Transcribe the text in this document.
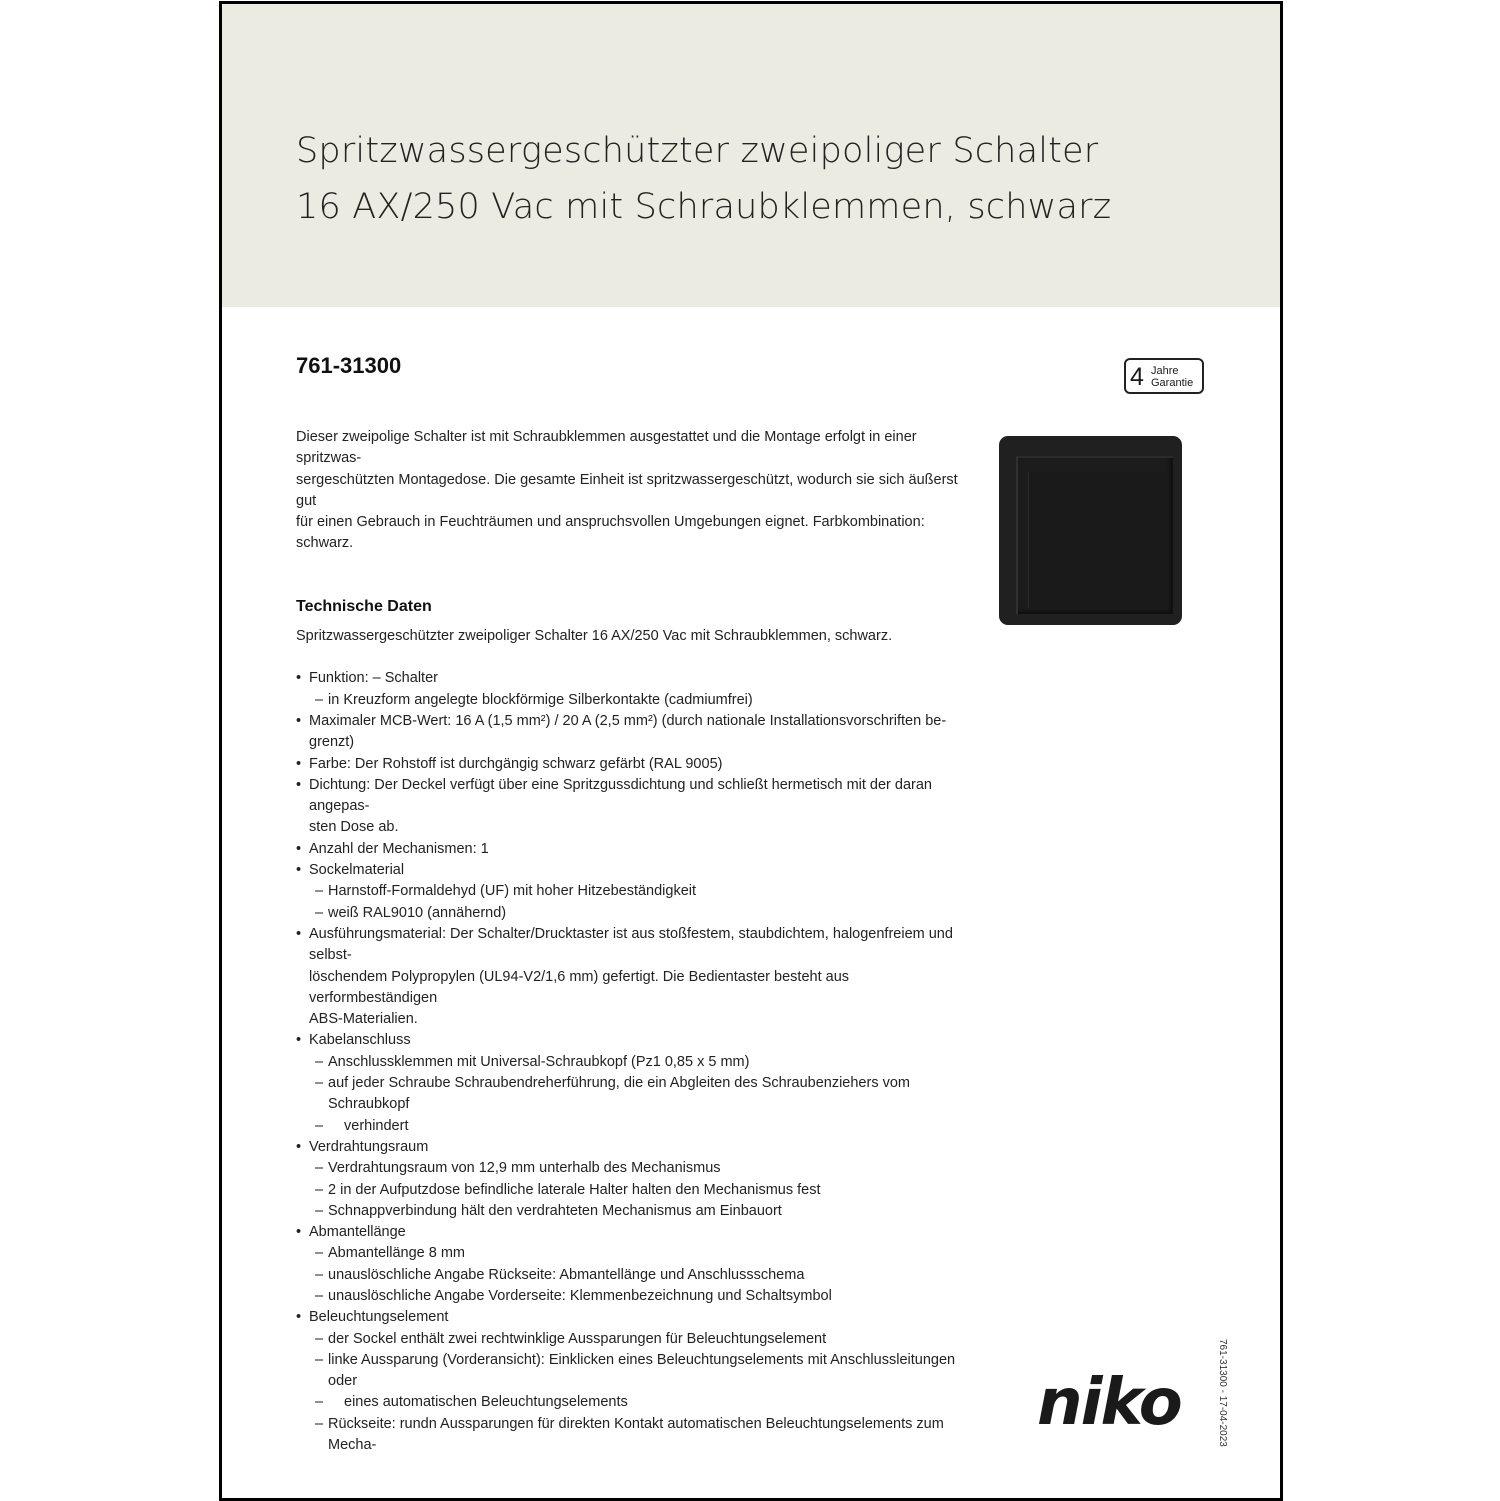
Spritzwassergeschützter zweipoliger Schalter
16 AX/250 Vac mit Schraubklemmen, schwarz
761-31300	4 Jahre
Garantie

Dieser zweipolige Schalter ist mit Schraubklemmen ausgestattet und die Montage erfolgt in einer spritzwas-
sergeschützten Montagedose. Die gesamte Einheit ist spritzwassergeschützt, wodurch sie sich äußerst gut
für einen Gebrauch in Feuchträumen und anspruchsvollen Umgebungen eignet. Farbkombination: schwarz.

Technische Daten

Spritzwassergeschützter zweipoliger Schalter 16 AX/250 Vac mit Schraubklemmen, schwarz.

• Funktion: – Schalter
– in Kreuzform angelegte blockförmige Silberkontakte (cadmiumfrei)
• Maximaler MCB-Wert: 16 A (1,5 mm²) / 20 A (2,5 mm²) (durch nationale Installationsvorschriften be-
grenzt)
• Farbe: Der Rohstoff ist durchgängig schwarz gefärbt (RAL 9005)
• Dichtung: Der Deckel verfügt über eine Spritzgussdichtung und schließt hermetisch mit der daran angepas-
sten Dose ab.
• Anzahl der Mechanismen: 1
• Sockelmaterial
– Harnstoff-Formaldehyd (UF) mit hoher Hitzebeständigkeit
– weiß RAL9010 (annähernd)
• Ausführungsmaterial: Der Schalter/Drucktaster ist aus stoßfestem, staubdichtem, halogenfreiem und selbst-
löschendem Polypropylen (UL94-V2/1,6 mm) gefertigt. Die Bedientaster besteht aus verformbeständigen
ABS-Materialien.
• Kabelanschluss
– Anschlussklemmen mit Universal-Schraubkopf (Pz1 0,85 x 5 mm)
– auf jeder Schraube Schraubendreherführung, die ein Abgleiten des Schraubenziehers vom Schraubkopf
– verhindert
• Verdrahtungsraum
– Verdrahtungsraum von 12,9 mm unterhalb des Mechanismus
– 2 in der Aufputzdose befindliche laterale Halter halten den Mechanismus fest
– Schnappverbindung hält den verdrahteten Mechanismus am Einbauort
• Abmantellänge
– Abmantellänge 8 mm
– unauslöschliche Angabe Rückseite: Abmantellänge und Anschlussschema
– unauslöschliche Angabe Vorderseite: Klemmenbezeichnung und Schaltsymbol
• Beleuchtungselement
– der Sockel enthält zwei rechtwinklige Aussparungen für Beleuchtungselement
– linke Aussparung (Vorderansicht): Einklicken eines Beleuchtungselements mit Anschlussleitungen oder
– eines automatischen Beleuchtungselements
– Rückseite: rundn Aussparungen für direkten Kontakt automatischen Beleuchtungselements zum Mecha-
niko	761-31300 - 17-04-2023
